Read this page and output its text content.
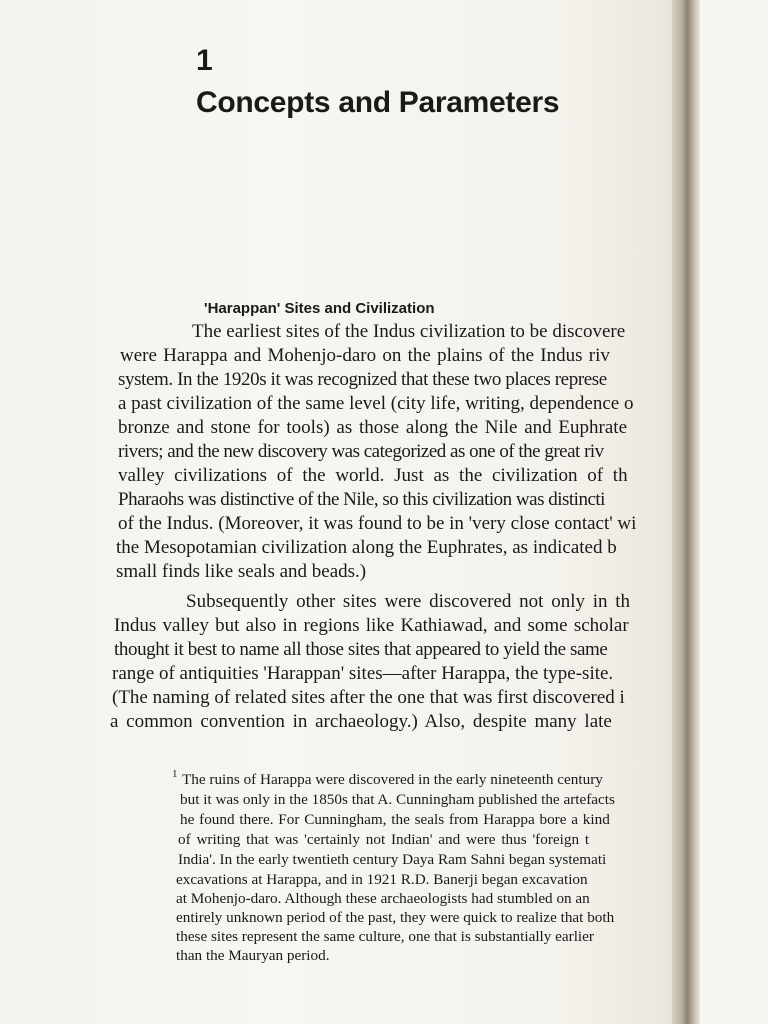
1
Concepts and Parameters
'Harappan' Sites and Civilization
The earliest sites of the Indus civilization to be discovere
were Harappa and Mohenjo-daro on the plains of the Indus riv
system. In the 1920s it was recognized that these two places represe
a past civilization of the same level (city life, writing, dependence o
bronze and stone for tools) as those along the Nile and Euphrate
rivers; and the new discovery was categorized as one of the great riv
valley civilizations of the world. Just as the civilization of th
Pharaohs was distinctive of the Nile, so this civilization was distincti
of the Indus. (Moreover, it was found to be in 'very close contact' wi
the Mesopotamian civilization along the Euphrates, as indicated b
small finds like seals and beads.)
Subsequently other sites were discovered not only in th
Indus valley but also in regions like Kathiawad, and some scholar
thought it best to name all those sites that appeared to yield the same
range of antiquities 'Harappan' sites—after Harappa, the type-site.
(The naming of related sites after the one that was first discovered i
a common convention in archaeology.) Also, despite many late
1 The ruins of Harappa were discovered in the early nineteenth century
but it was only in the 1850s that A. Cunningham published the artefacts
he found there. For Cunningham, the seals from Harappa bore a kind
of writing that was 'certainly not Indian' and were thus 'foreign t
India'. In the early twentieth century Daya Ram Sahni began systemati
excavations at Harappa, and in 1921 R.D. Banerji began excavation
at Mohenjo-daro. Although these archaeologists had stumbled on an
entirely unknown period of the past, they were quick to realize that both
these sites represent the same culture, one that is substantially earlier
than the Mauryan period.
